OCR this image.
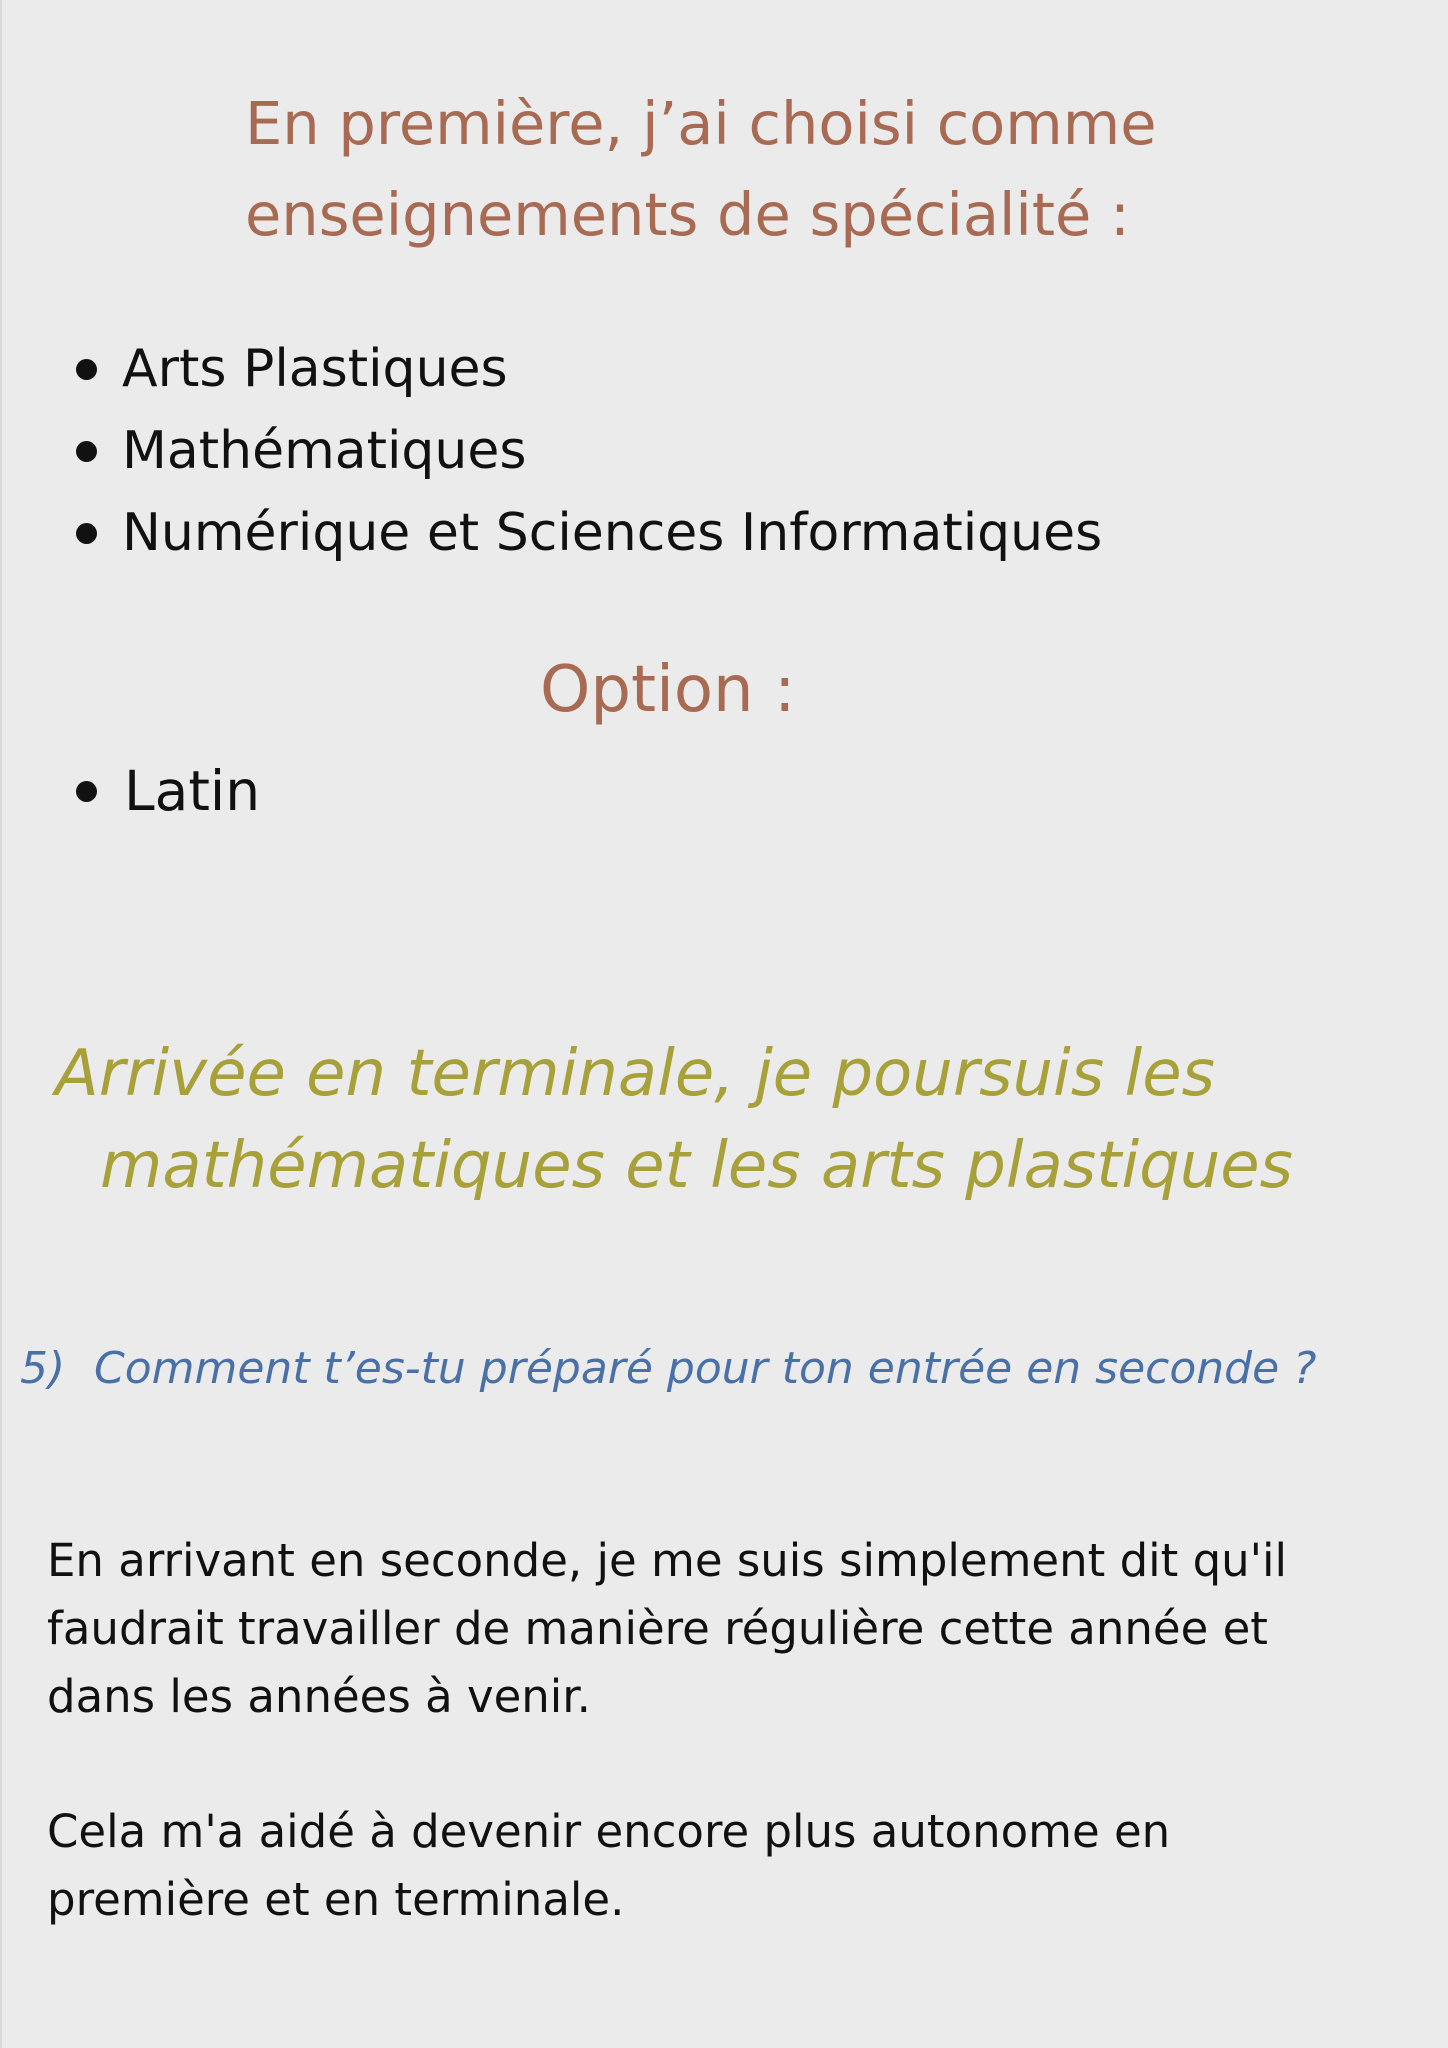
En première, j’ai choisi comme enseignements de spécialité :
Arts Plastiques
Mathématiques
Numérique et Sciences Informatiques
Option :
Latin

Arrivée en terminale, je poursuis les

mathématiques et les arts plastiques

5) Comment t’es-tu préparé pour ton entrée en seconde ?

En arrivant en seconde, je me suis simplement dit qu'il faudrait travailler de manière régulière cette année et dans les années à venir.

Cela m'a aidé à devenir encore plus autonome en première et en terminale.
